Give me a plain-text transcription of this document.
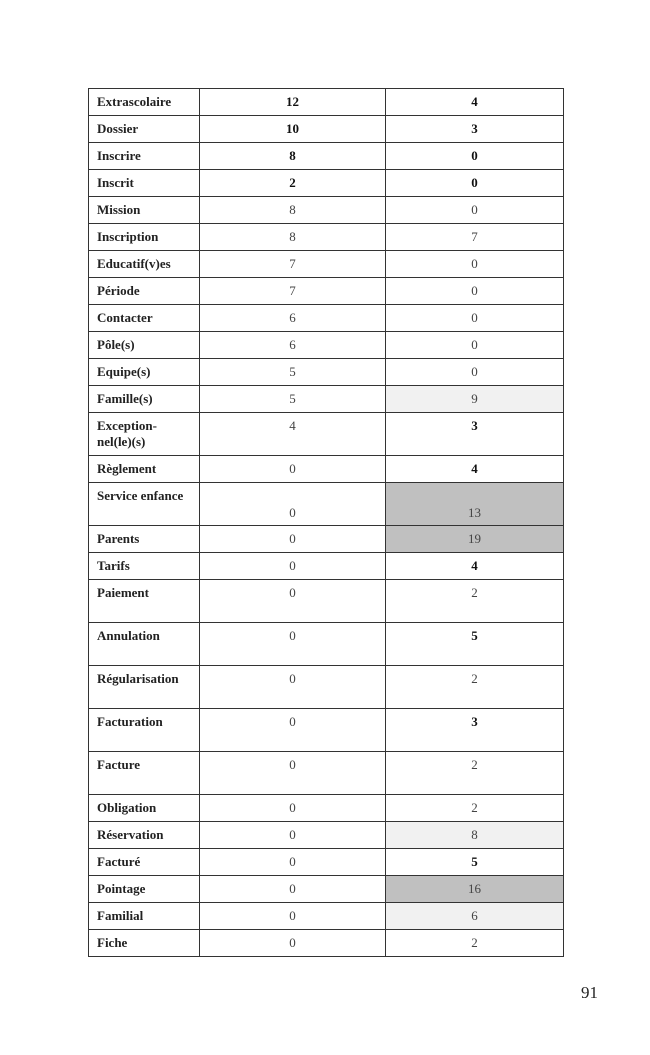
Extrascolaire	12	4
Dossier	10	3
Inscrire	8	0
Inscrit	2	0
Mission	8	0
Inscription	8	7
Educatif(v)es	7	0
Période	7	0
Contacter	6	0
Pôle(s)	6	0
Equipe(s)	5	0
Famille(s)	5	9
Exception-
nel(le)(s)	4	3
Règlement	0	4
Service enfance	0	13
Parents	0	19
Tarifs	0	4
Paiement	0	2
Annulation	0	5
Régularisation	0	2
Facturation	0	3
Facture	0	2
Obligation	0	2
Réservation	0	8
Facturé	0	5
Pointage	0	16
Familial	0	6
Fiche	0	2
91
